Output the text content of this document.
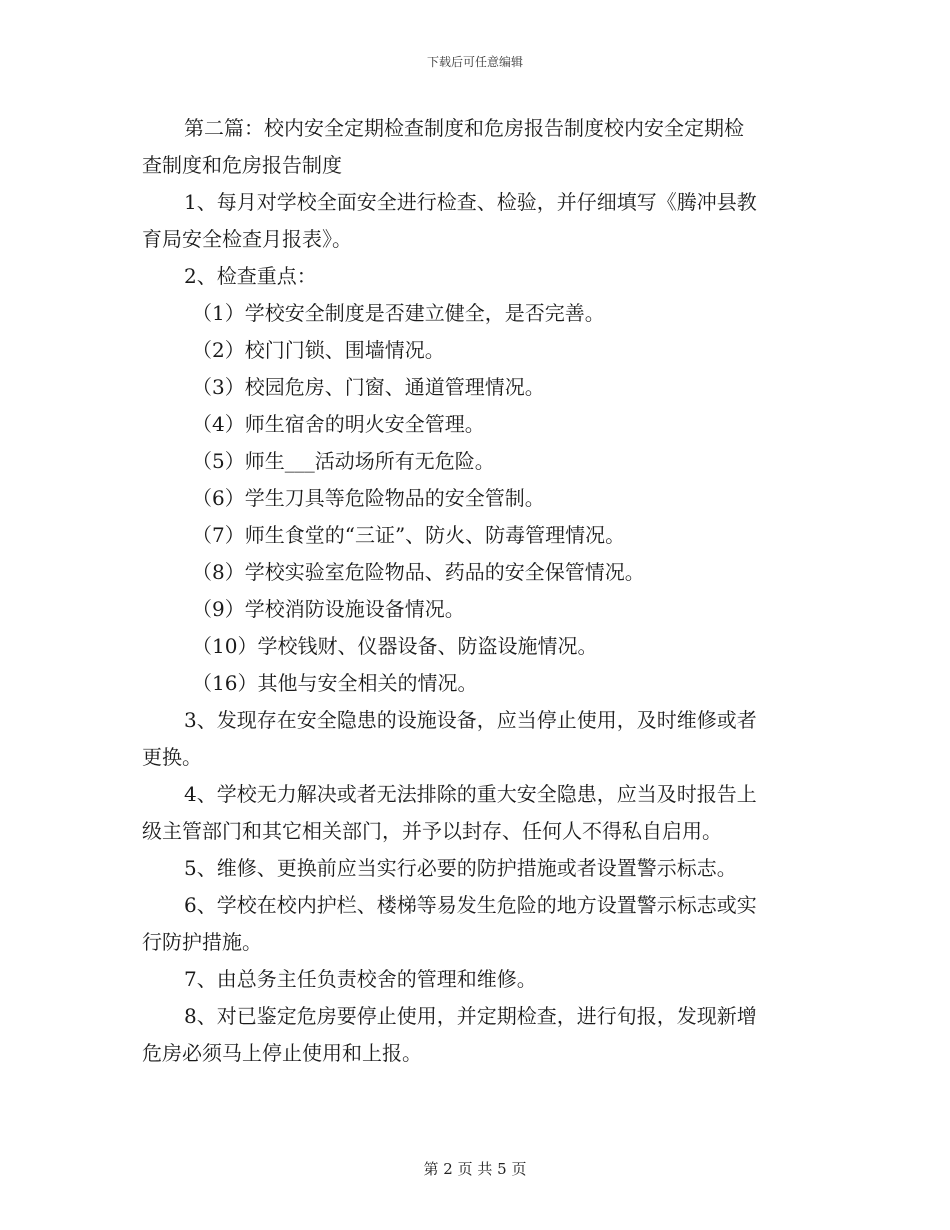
下载后可任意编辑
第二篇：校内安全定期检查制度和危房报告制度校内安全定期检
查制度和危房报告制度
1、每月对学校全面安全进行检查、检验，并仔细填写《腾冲县教
育局安全检查月报表》。
2、检查重点：
（1）学校安全制度是否建立健全，是否完善。
（2）校门门锁、围墙情况。
（3）校园危房、门窗、通道管理情况。
（4）师生宿舍的明火安全管理。
（5）师生___活动场所有无危险。
（6）学生刀具等危险物品的安全管制。
（7）师生食堂的“三证”、防火、防毒管理情况。
（8）学校实验室危险物品、药品的安全保管情况。
（9）学校消防设施设备情况。
（10）学校钱财、仪器设备、防盗设施情况。
（16）其他与安全相关的情况。
3、发现存在安全隐患的设施设备，应当停止使用，及时维修或者
更换。
4、学校无力解决或者无法排除的重大安全隐患，应当及时报告上
级主管部门和其它相关部门，并予以封存、任何人不得私自启用。
5、维修、更换前应当实行必要的防护措施或者设置警示标志。
6、学校在校内护栏、楼梯等易发生危险的地方设置警示标志或实
行防护措施。
7、由总务主任负责校舍的管理和维修。
8、对已鉴定危房要停止使用，并定期检查，进行旬报，发现新增
危房必须马上停止使用和上报。
第 2 页 共 5 页
